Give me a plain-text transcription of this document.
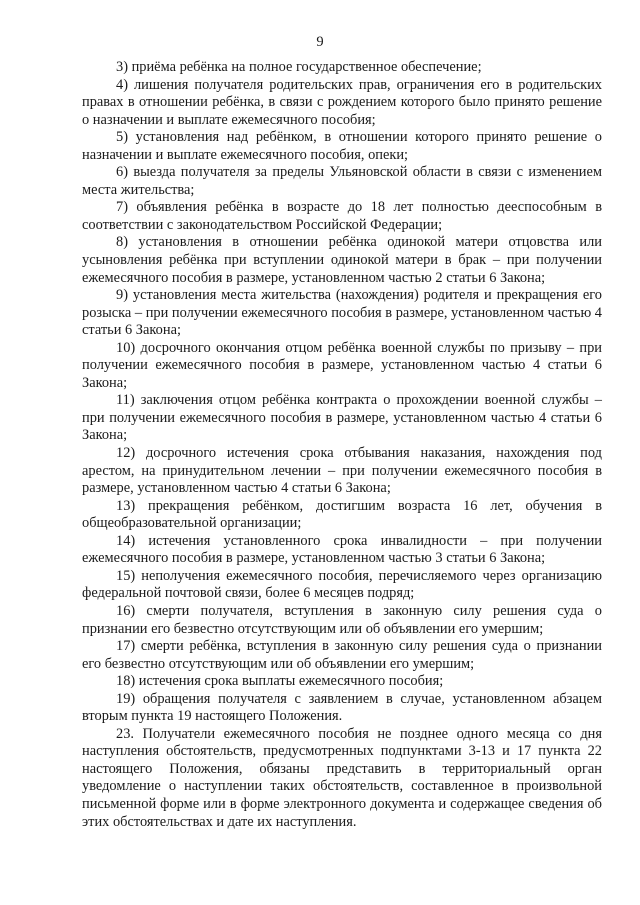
9

3) приёма ребёнка на полное государственное обеспечение;

4) лишения получателя родительских прав, ограничения его в родительских правах в отношении ребёнка, в связи с рождением которого было принято решение о назначении и выплате ежемесячного пособия;

5) установления над ребёнком, в отношении которого принято решение о назначении и выплате ежемесячного пособия, опеки;

6) выезда получателя за пределы Ульяновской области в связи с изменением места жительства;

7) объявления ребёнка в возрасте до 18 лет полностью дееспособным в соответствии с законодательством Российской Федерации;

8) установления в отношении ребёнка одинокой матери отцовства или усыновления ребёнка при вступлении одинокой матери в брак – при получении ежемесячного пособия в размере, установленном частью 2 статьи 6 Закона;

9) установления места жительства (нахождения) родителя и прекращения его розыска – при получении ежемесячного пособия в размере, установленном частью 4 статьи 6 Закона;

10) досрочного окончания отцом ребёнка военной службы по призыву – при получении ежемесячного пособия в размере, установленном частью 4 статьи 6 Закона;

11) заключения отцом ребёнка контракта о прохождении военной службы – при получении ежемесячного пособия в размере, установленном частью 4 статьи 6 Закона;

12) досрочного истечения срока отбывания наказания, нахождения под арестом, на принудительном лечении – при получении ежемесячного пособия в размере, установленном частью 4 статьи 6 Закона;

13) прекращения ребёнком, достигшим возраста 16 лет, обучения в общеобразовательной организации;

14) истечения установленного срока инвалидности – при получении ежемесячного пособия в размере, установленном частью 3 статьи 6 Закона;

15) неполучения ежемесячного пособия, перечисляемого через организацию федеральной почтовой связи, более 6 месяцев подряд;

16) смерти получателя, вступления в законную силу решения суда о признании его безвестно отсутствующим или об объявлении его умершим;

17) смерти ребёнка, вступления в законную силу решения суда о признании его безвестно отсутствующим или об объявлении его умершим;

18) истечения срока выплаты ежемесячного пособия;

19) обращения получателя с заявлением в случае, установленном абзацем вторым пункта 19 настоящего Положения.

23. Получатели ежемесячного пособия не позднее одного месяца со дня наступления обстоятельств, предусмотренных подпунктами 3-13 и 17 пункта 22 настоящего Положения, обязаны представить в территориальный орган уведомление о наступлении таких обстоятельств, составленное в произвольной письменной форме или в форме электронного документа и содержащее сведения об этих обстоятельствах и дате их наступления.
